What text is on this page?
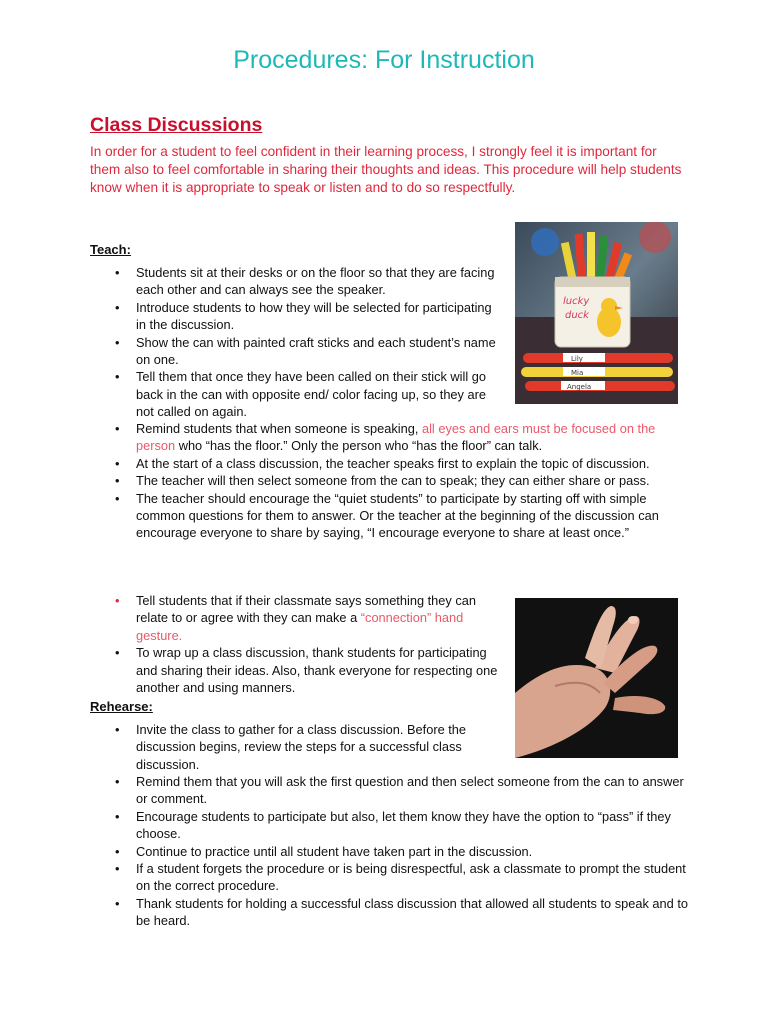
Procedures: For Instruction
Class Discussions

In order for a student to feel confident in their learning process, I strongly feel it is important for them also to feel comfortable in sharing their thoughts and ideas. This procedure will help students know when it is appropriate to speak or listen and to do so respectfully.

Teach:
• Students sit at their desks or on the floor so that they are facing each other and can always see the speaker.
• Introduce students to how they will be selected for participating in the discussion.
• Show the can with painted craft sticks and each student’s name on one.
• Tell them that once they have been called on their stick will go back in the can with opposite end/ color facing up, so they are not called on again.
• Remind students that when someone is speaking, all eyes and ears must be focused on the person who “has the floor.” Only the person who “has the floor” can talk.
• At the start of a class discussion, the teacher speaks first to explain the topic of discussion.
• The teacher will then select someone from the can to speak; they can either share or pass.
• The teacher should encourage the “quiet students” to participate by starting off with simple common questions for them to answer. Or the teacher at the beginning of the discussion can encourage everyone to share by saying, “I encourage everyone to share at least once.”
• Tell students that if their classmate says something they can relate to or agree with they can make a “connection” hand gesture.
• To wrap up a class discussion, thank students for participating and sharing their ideas. Also, thank everyone for respecting one another and using manners.
Rehearse:
• Invite the class to gather for a class discussion. Before the discussion begins, review the steps for a successful class discussion.
• Remind them that you will ask the first question and then select someone from the can to answer or comment.
• Encourage students to participate but also, let them know they have the option to “pass” if they choose.
• Continue to practice until all student have taken part in the discussion.
• If a student forgets the procedure or is being disrespectful, ask a classmate to prompt the student on the correct procedure.
• Thank students for holding a successful class discussion that allowed all students to speak and to be heard.
lucky
duck
Lily
Mia
Angela
